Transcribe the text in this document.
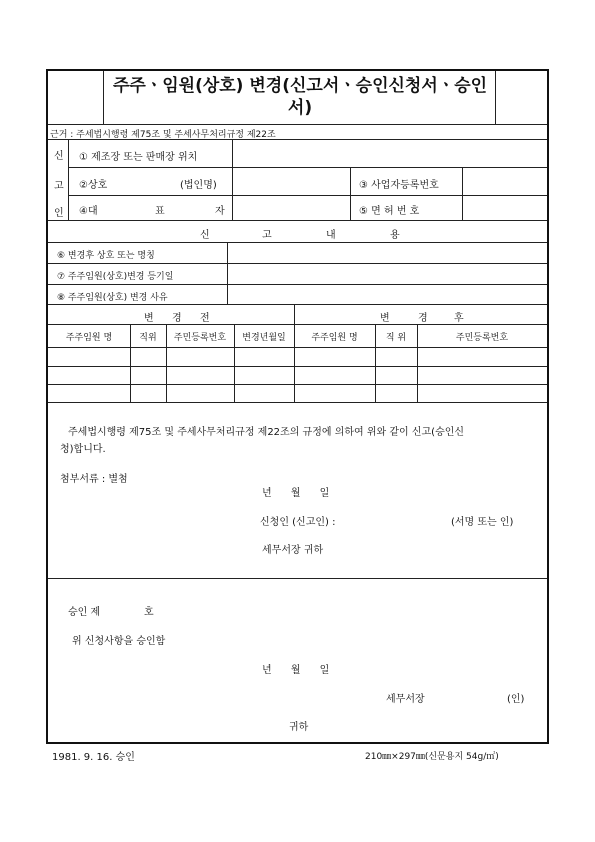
주주ㆍ임원(상호) 변경(신고서ㆍ승인신청서ㆍ승인서)
근거 : 주세법시행령 제75조 및 주세사무처리규정 제22조
신
고
인
① 제조장 또는 판매장 위치
②상호	(법인명)	③ 사업자등록번호
④대	표	자	⑤ 면 허 번 호
신	고	내	용
⑥ 변경후 상호 또는 명칭
⑦ 주주임원(상호)변경 등기일
⑧ 주주임원(상호) 변경 사유
변 경 전	변	경	후
주주임원 명	직위	주민등록번호	변경년월일	주주임원 명	직 위	주민등록번호
주세법시행령 제75조 및 주세사무처리규정 제22조의 규정에 의하여 위와 같이 신고(승인신
청)합니다.
첨부서류 : 별첨
년 월 일
신청인 (신고인) :	(서명 또는 인)
세무서장 귀하
승인 제	호
위 신청사항을 승인함
년 월 일
세무서장	(인)
귀하
1981. 9. 16. 승인	210㎜×297㎜(신문용지 54g/㎡)
